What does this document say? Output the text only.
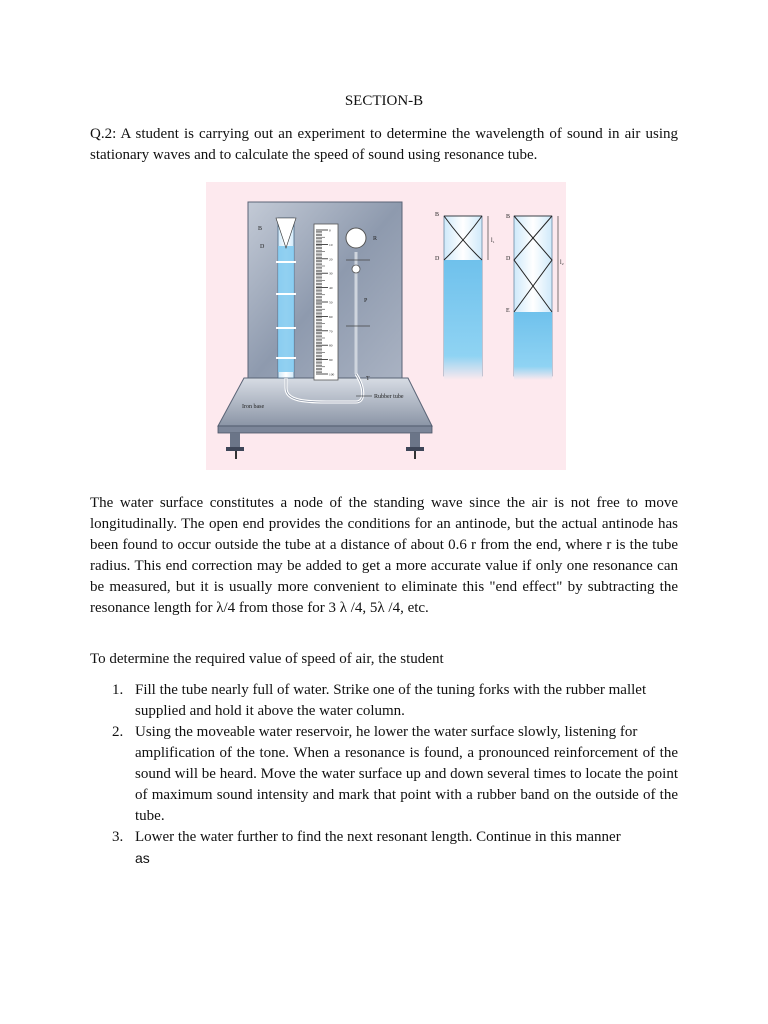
SECTION-B
Q.2: A student is carrying out an experiment to determine the wavelength of sound in air using stationary waves and to calculate the speed of sound using resonance tube.
0
10
20
30
40
50
60
70
80
90
100
B
D
R
P
T
Rubber tube
Iron base
B
D
l₁
B
D
E
l₂

The water surface constitutes a node of the standing wave since the air is not free to move longitudinally. The open end provides the conditions for an antinode, but the actual antinode has been found to occur outside the tube at a distance of about 0.6 r from the end, where r is the tube radius. This end correction may be added to get a more accurate value if only one resonance can be measured, but it is usually more convenient to eliminate this "end effect" by subtracting the resonance length for λ/4 from those for 3 λ /4, 5λ /4, etc.

To determine the required value of speed of air, the student

1. Fill the tube nearly full of water. Strike one of the tuning forks with the rubber mallet
supplied and hold it above the water column.
2. Using the moveable water reservoir, he lower the water surface slowly, listening for
amplification of the tone. When a resonance is found, a pronounced reinforcement of the sound will be heard. Move the water surface up and down several times to locate the point of maximum sound intensity and mark that point with a rubber band on the outside of the tube.
3. Lower the water further to find the next resonant length. Continue in this manner
as
